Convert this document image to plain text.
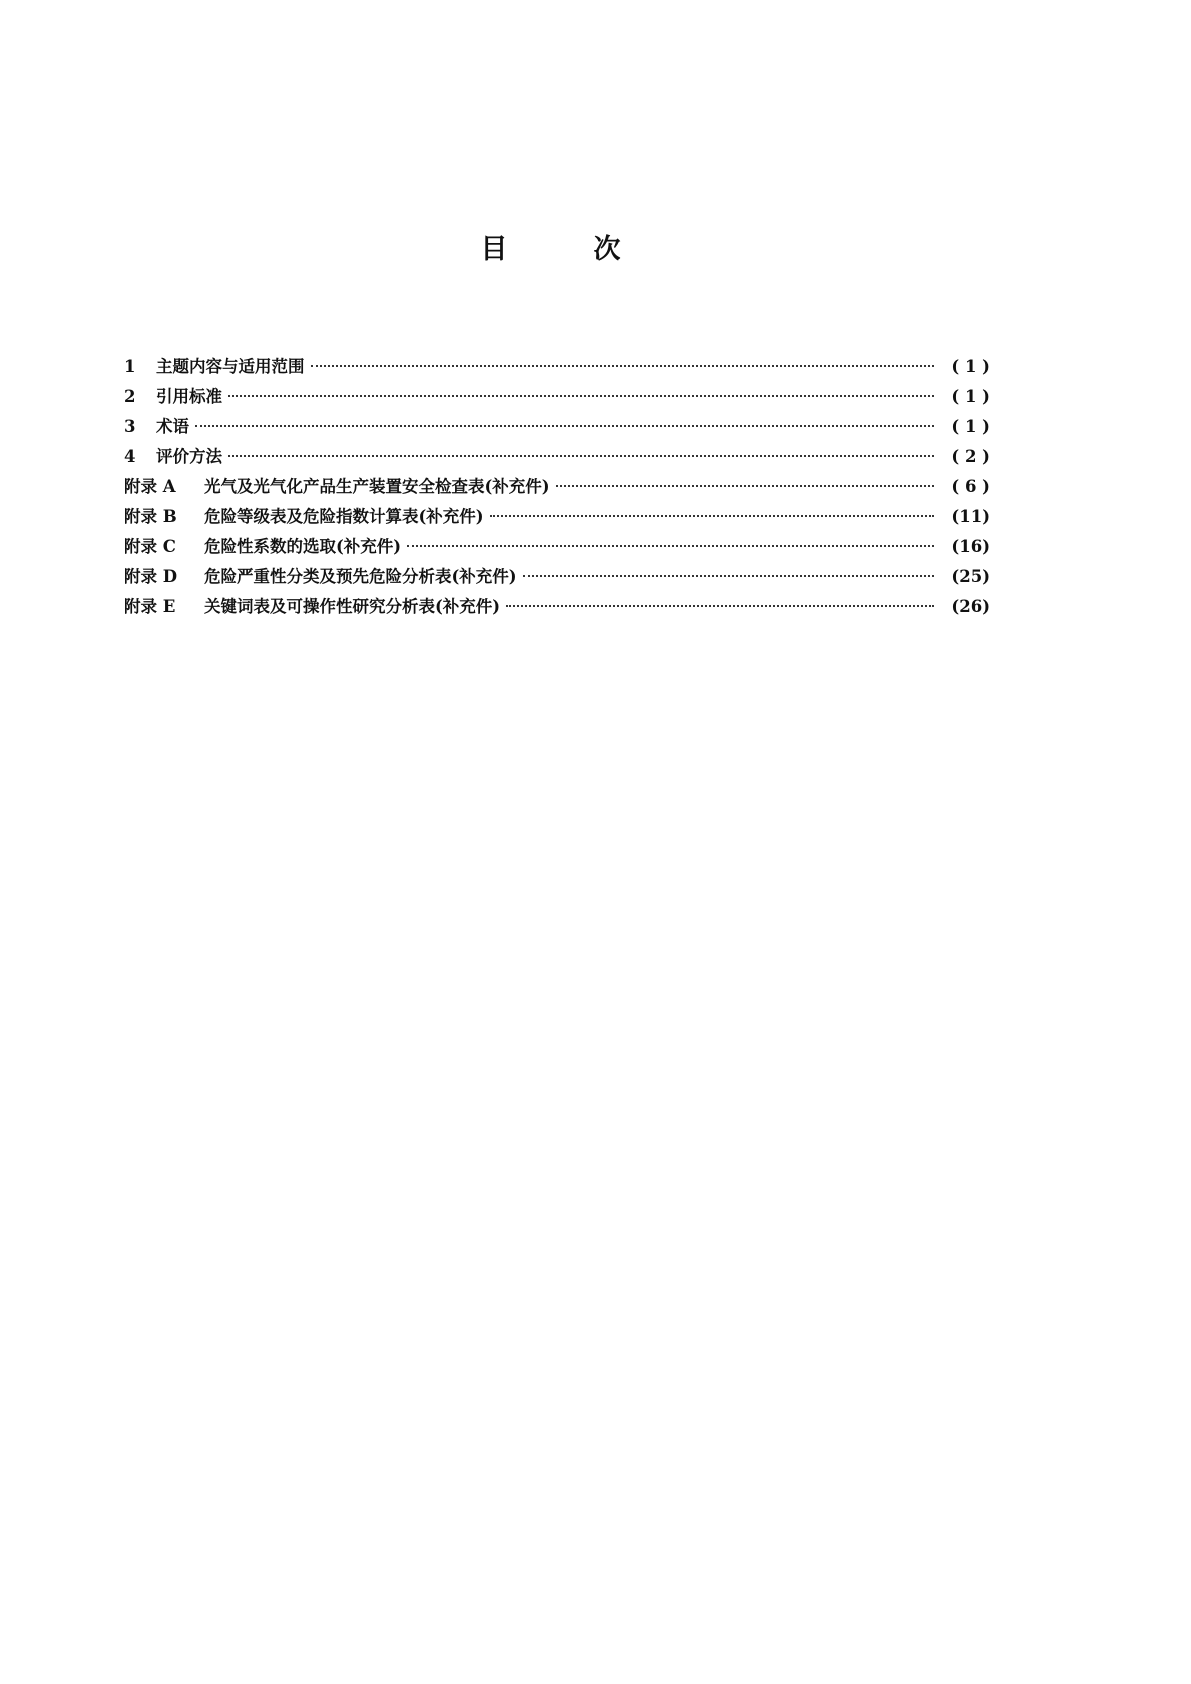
目	次
1	主题内容与适用范围	( 1 )
2	引用标准	( 1 )
3	术语	( 1 )
4	评价方法	( 2 )
附录 A	光气及光气化产品生产装置安全检查表(补充件)	( 6 )
附录 B	危险等级表及危险指数计算表(补充件)	(11)
附录 C	危险性系数的选取(补充件)	(16)
附录 D	危险严重性分类及预先危险分析表(补充件)	(25)
附录 E	关键词表及可操作性研究分析表(补充件)	(26)
